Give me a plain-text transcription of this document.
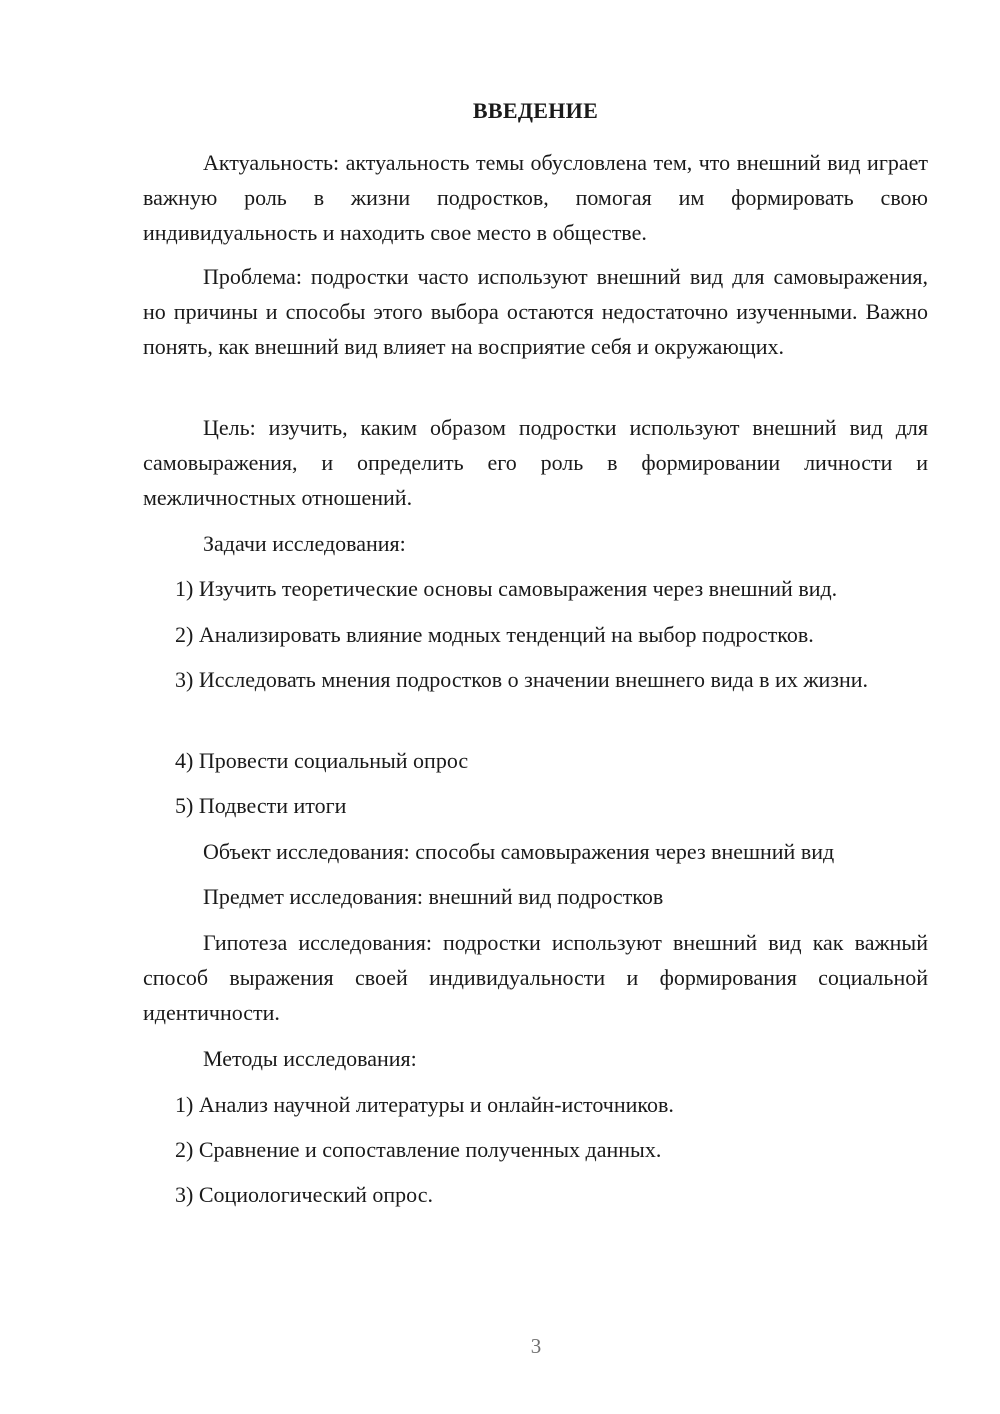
ВВЕДЕНИЕ

Актуальность: актуальность темы обусловлена тем, что внешний вид играет важную роль в жизни подростков, помогая им формировать свою индивидуальность и находить свое место в обществе.

Проблема: подростки часто используют внешний вид для самовыражения, но причины и способы этого выбора остаются недостаточно изученными. Важно понять, как внешний вид влияет на восприятие себя и окружающих.

Цель: изучить, каким образом подростки используют внешний вид для самовыражения, и определить его роль в формировании личности и межличностных отношений.

Задачи исследования:

1) Изучить теоретические основы самовыражения через внешний вид.

2) Анализировать влияние модных тенденций на выбор подростков.

3) Исследовать мнения подростков о значении внешнего вида в их жизни.

4) Провести социальный опрос

5) Подвести итоги

Объект исследования: способы самовыражения через внешний вид

Предмет исследования: внешний вид подростков

Гипотеза исследования: подростки используют внешний вид как важный способ выражения своей индивидуальности и формирования социальной идентичности.

Методы исследования:

1) Анализ научной литературы и онлайн-источников.

2) Сравнение и сопоставление полученных данных.

3) Социологический опрос.

3
